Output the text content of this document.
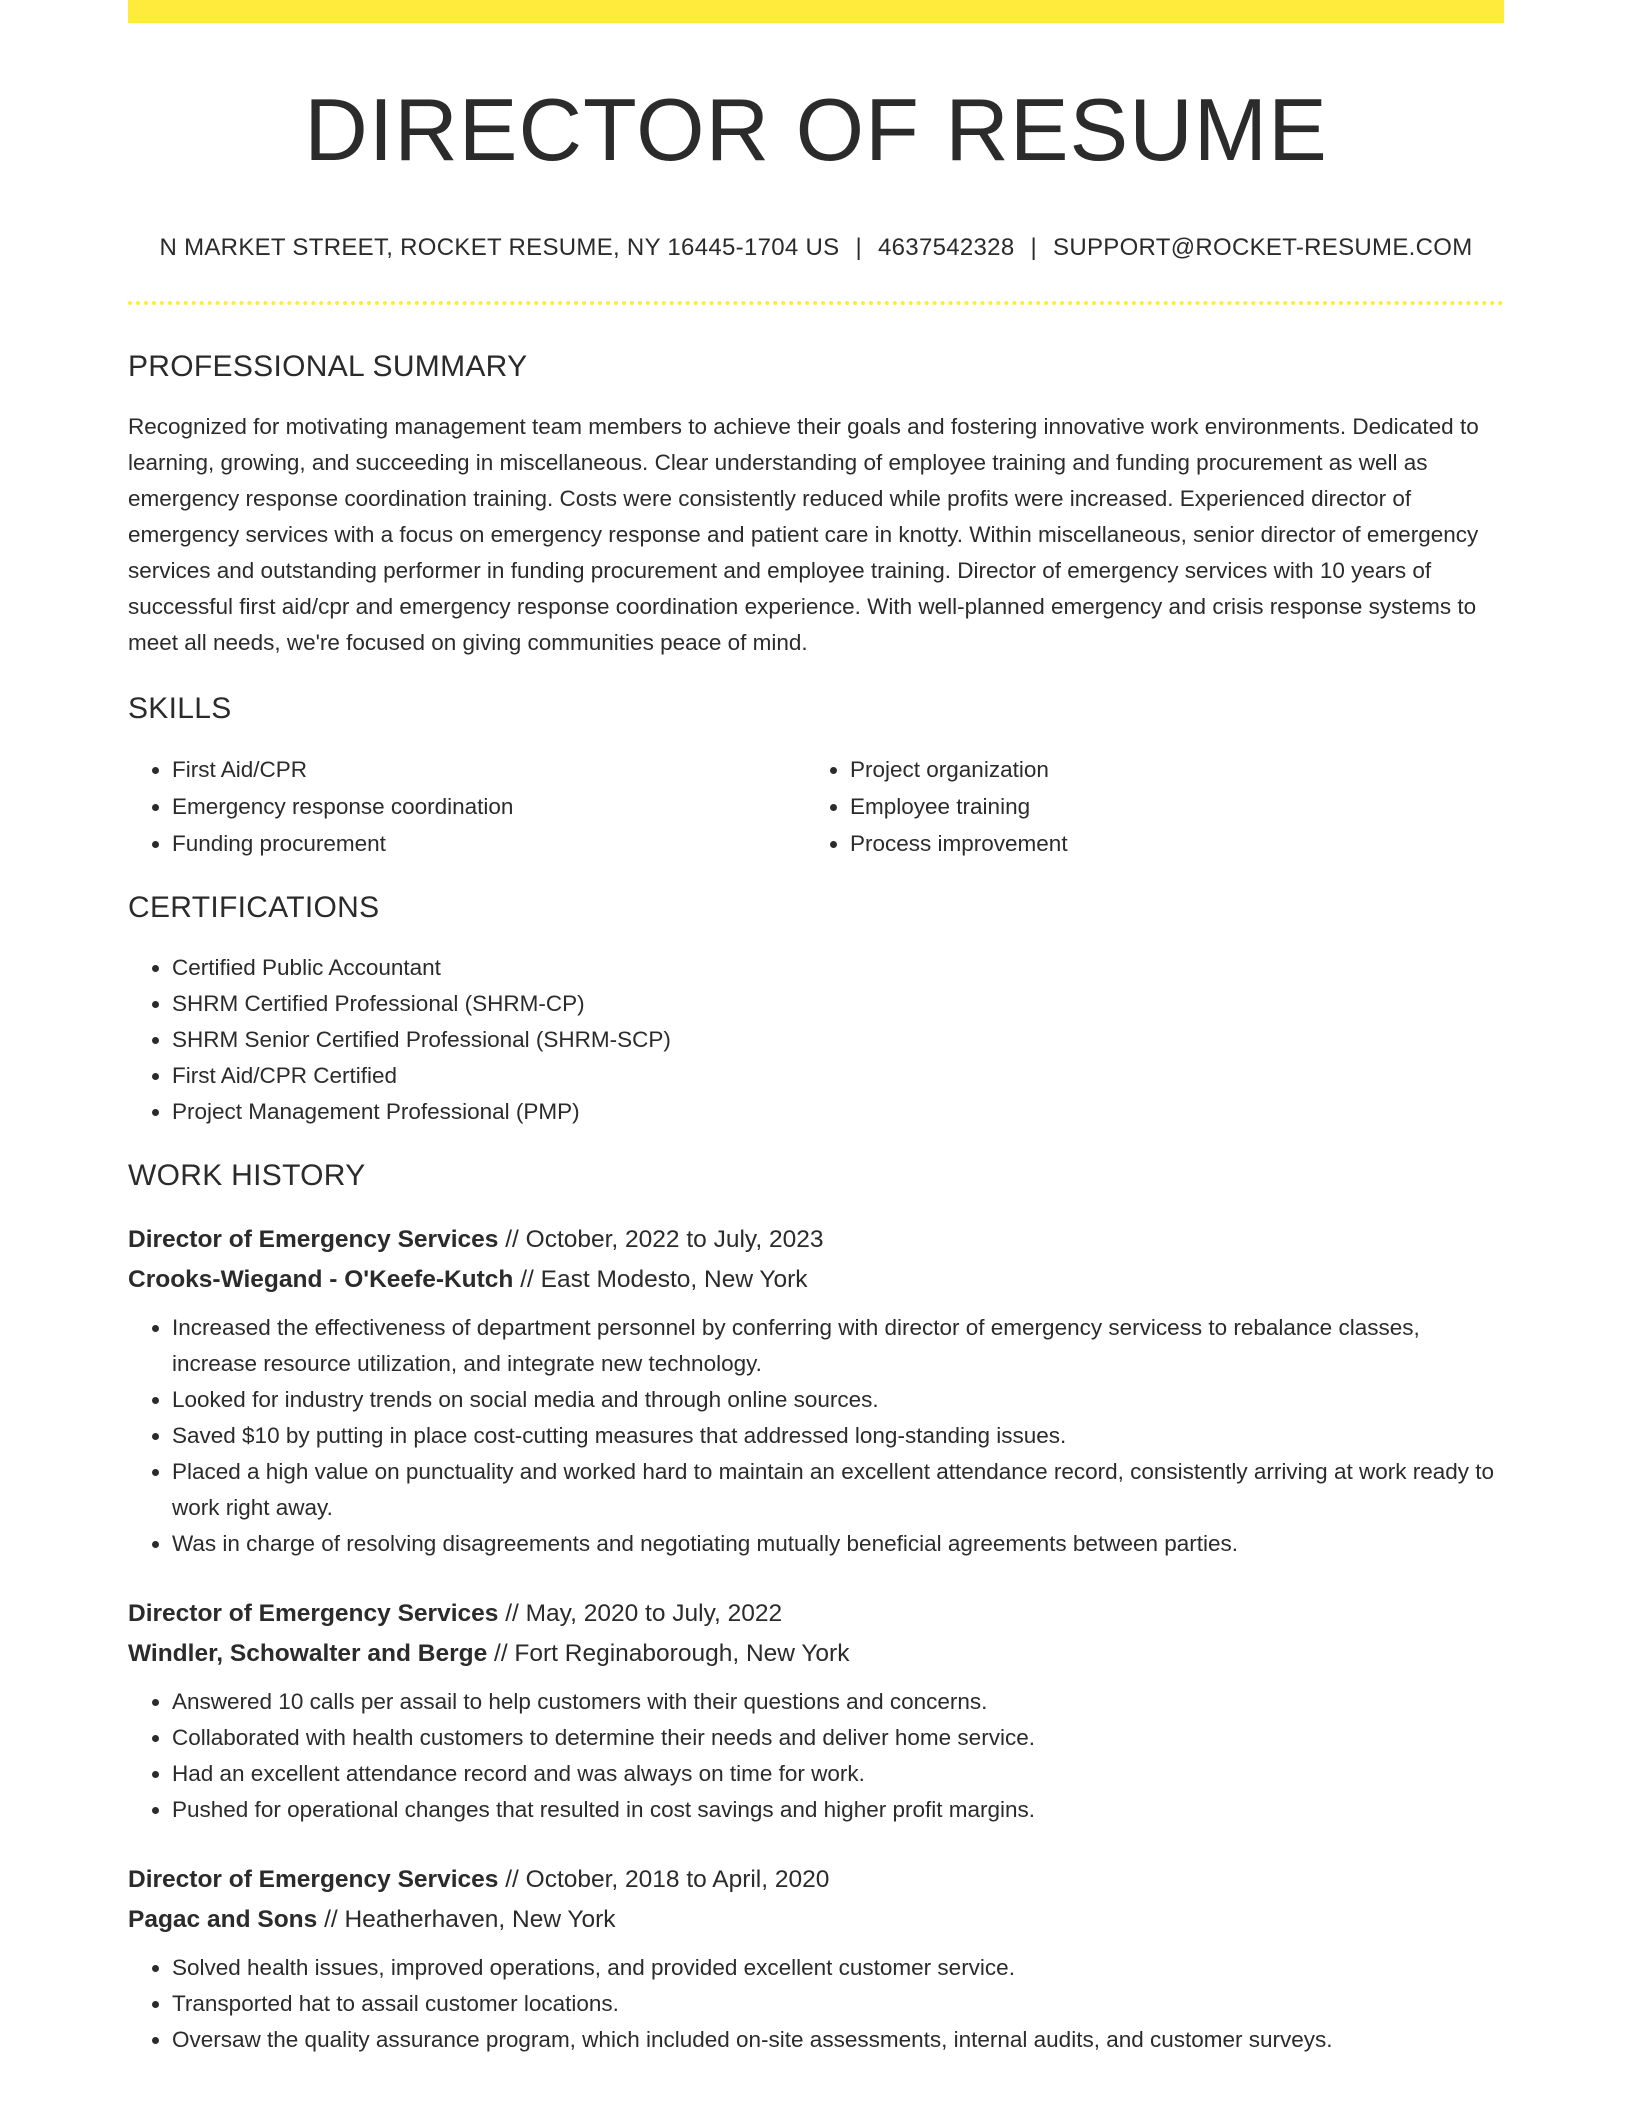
DIRECTOR OF RESUME
N MARKET STREET, ROCKET RESUME, NY 16445-1704 US | 4637542328 | SUPPORT@ROCKET-RESUME.COM
PROFESSIONAL SUMMARY

Recognized for motivating management team members to achieve their goals and fostering innovative work environments. Dedicated to learning, growing, and succeeding in miscellaneous. Clear understanding of employee training and funding procurement as well as emergency response coordination training. Costs were consistently reduced while profits were increased. Experienced director of emergency services with a focus on emergency response and patient care in knotty. Within miscellaneous, senior director of emergency services and outstanding performer in funding procurement and employee training. Director of emergency services with 10 years of successful first aid/cpr and emergency response coordination experience. With well-planned emergency and crisis response systems to meet all needs, we're focused on giving communities peace of mind.

SKILLS
• First Aid/CPR
• Emergency response coordination
• Funding procurement
• Project organization
• Employee training
• Process improvement
CERTIFICATIONS
• Certified Public Accountant
• SHRM Certified Professional (SHRM-CP)
• SHRM Senior Certified Professional (SHRM-SCP)
• First Aid/CPR Certified
• Project Management Professional (PMP)
WORK HISTORY
Director of Emergency Services // October, 2022 to July, 2023
Crooks-Wiegand - O'Keefe-Kutch // East Modesto, New York
• Increased the effectiveness of department personnel by conferring with director of emergency servicess to rebalance classes, increase resource utilization, and integrate new technology.
• Looked for industry trends on social media and through online sources.
• Saved $10 by putting in place cost-cutting measures that addressed long-standing issues.
• Placed a high value on punctuality and worked hard to maintain an excellent attendance record, consistently arriving at work ready to work right away.
• Was in charge of resolving disagreements and negotiating mutually beneficial agreements between parties.
Director of Emergency Services // May, 2020 to July, 2022
Windler, Schowalter and Berge // Fort Reginaborough, New York
• Answered 10 calls per assail to help customers with their questions and concerns.
• Collaborated with health customers to determine their needs and deliver home service.
• Had an excellent attendance record and was always on time for work.
• Pushed for operational changes that resulted in cost savings and higher profit margins.
Director of Emergency Services // October, 2018 to April, 2020
Pagac and Sons // Heatherhaven, New York
• Solved health issues, improved operations, and provided excellent customer service.
• Transported hat to assail customer locations.
• Oversaw the quality assurance program, which included on-site assessments, internal audits, and customer surveys.
